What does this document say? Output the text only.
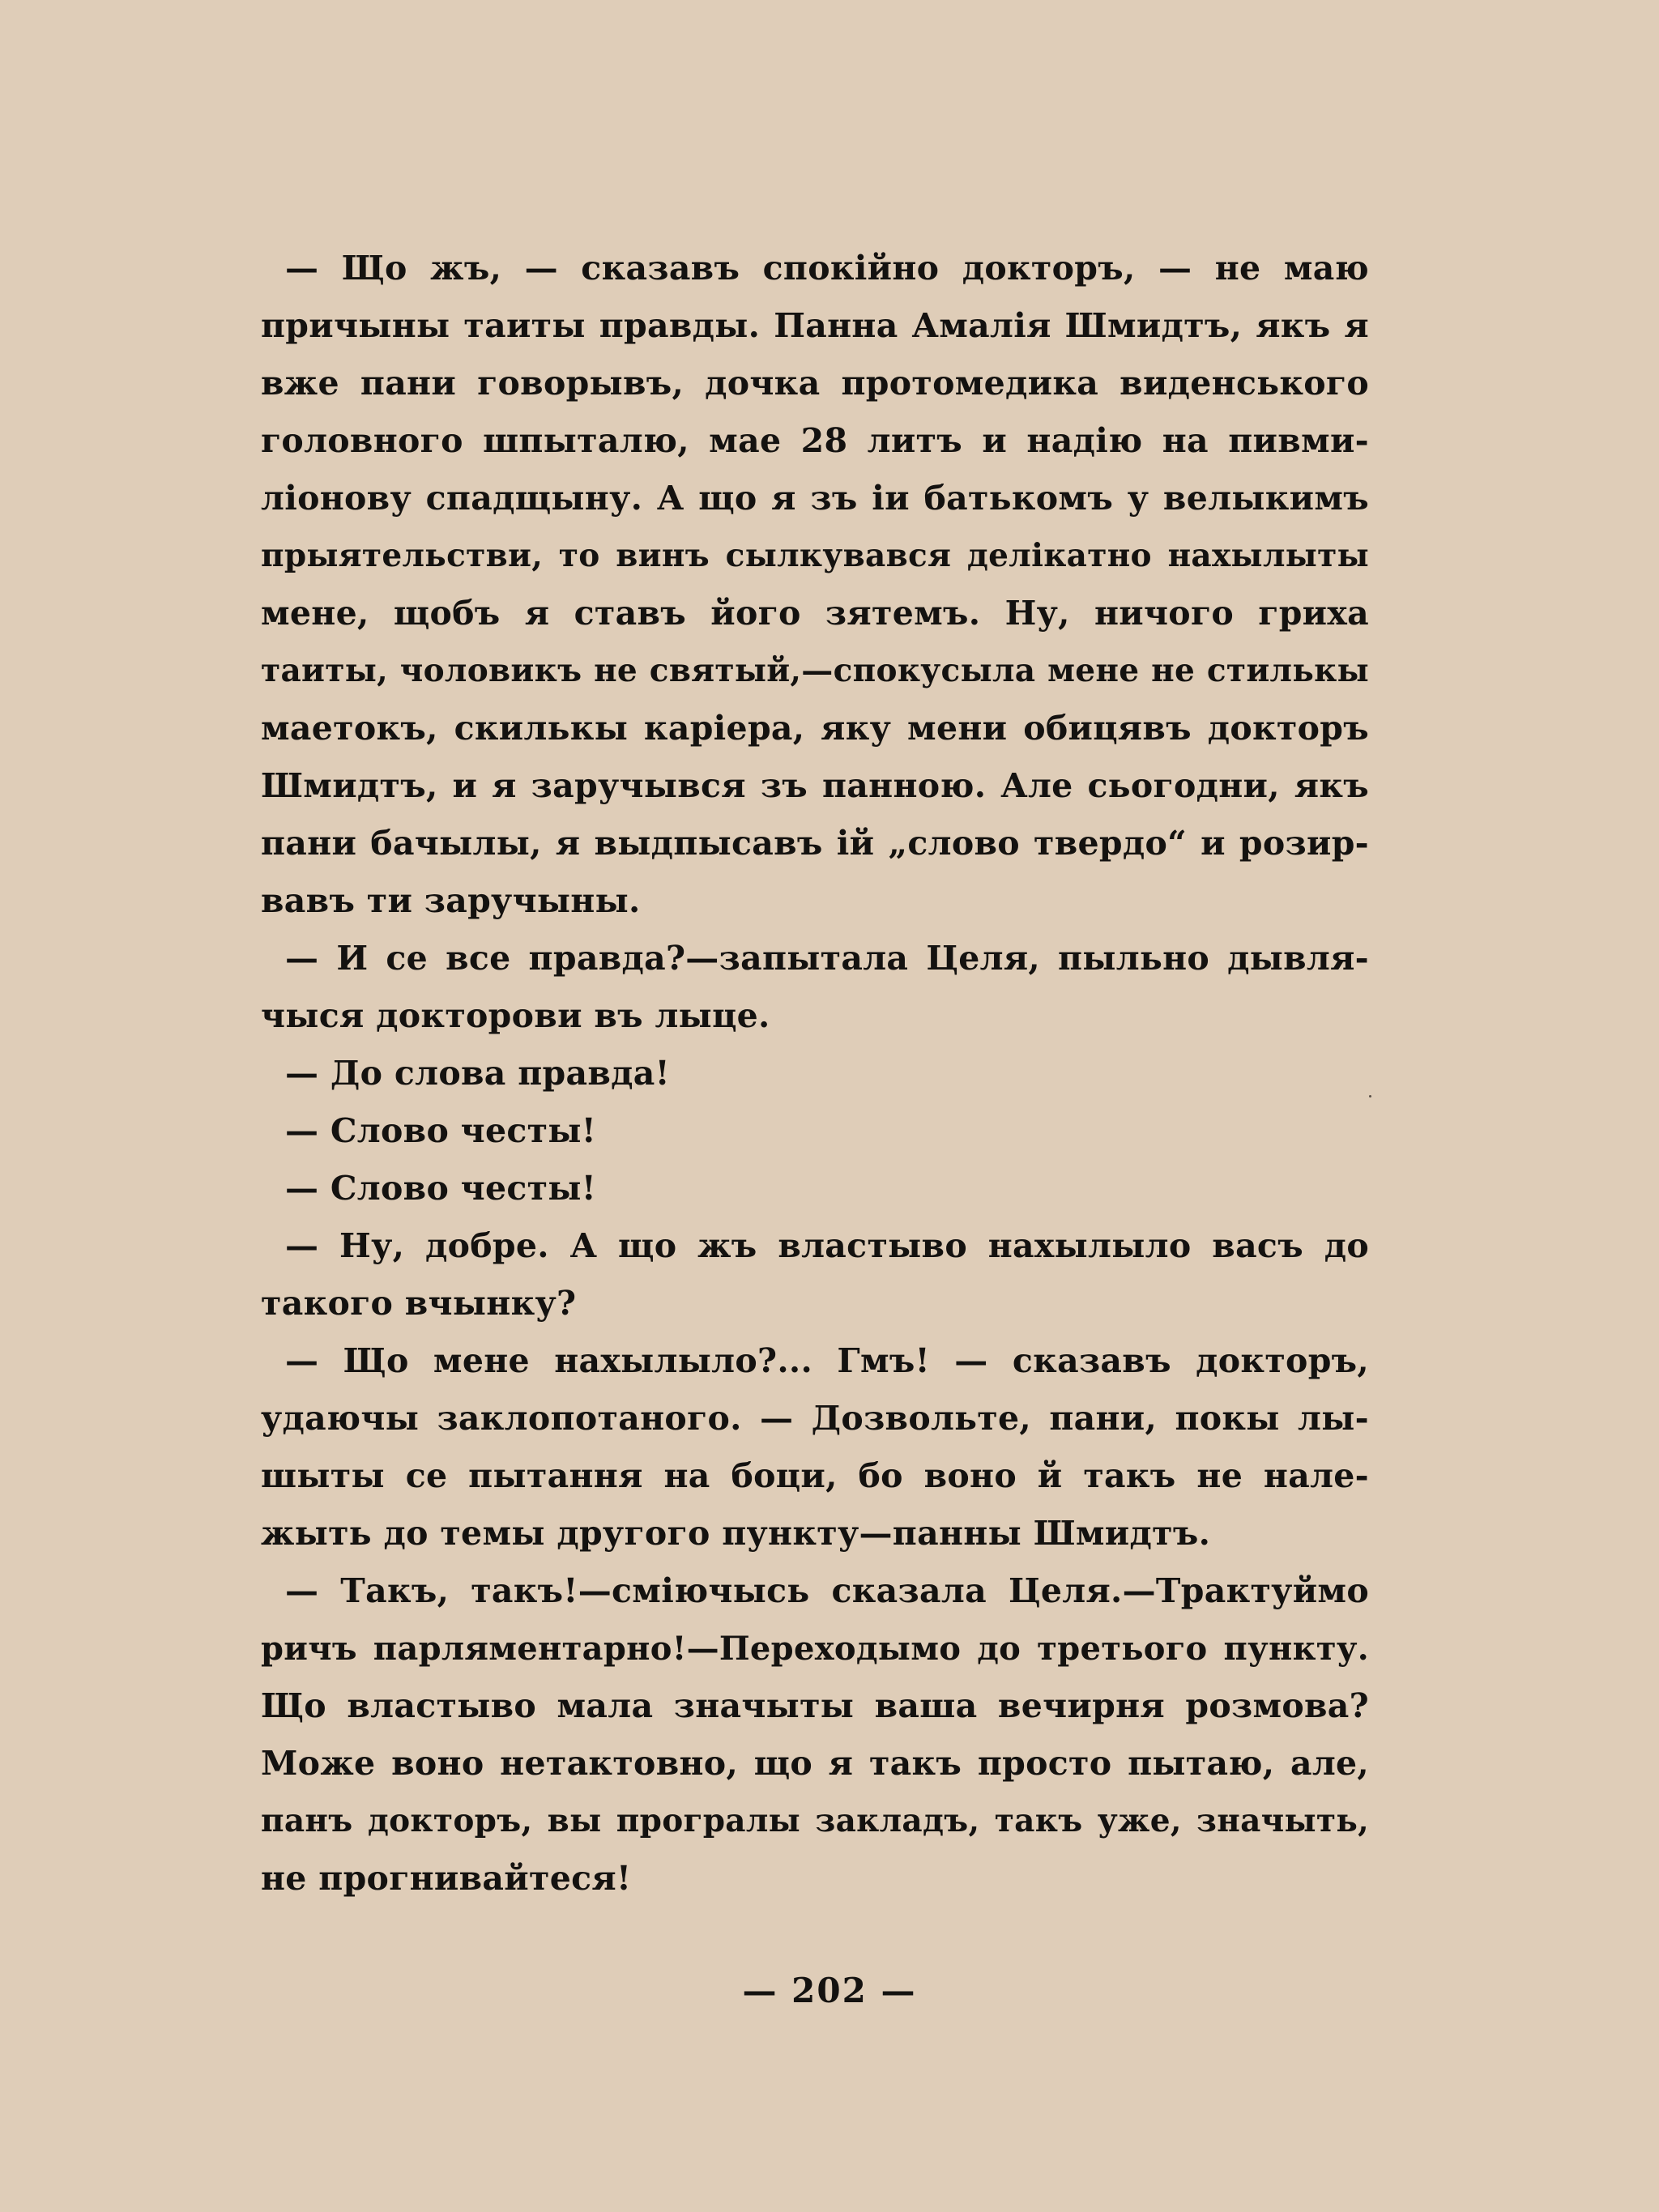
— Що жъ, — сказавъ спокійно докторъ, — не маю
причыны таиты правды. Панна Амалія Шмидтъ, якъ я
вже пани говорывъ, дочка протомедика виденського
головного шпыталю, мае 28 литъ и надію на пивми-
ліонову спадщыну. А що я зъ іи батькомъ у велыкимъ
прыятельстви, то винъ сылкувався делікатно нахылыты
мене, щобъ я ставъ його зятемъ. Ну, ничого гриха
таиты, чоловикъ не святый,—спокусыла мене не стилькы
маетокъ, скилькы каріера, яку мени обицявъ докторъ
Шмидтъ, и я заручывся зъ панною. Але сьогодни, якъ
пани бачылы, я выдпысавъ ій „слово твердо“ и розир-
вавъ ти заручыны.
— И се все правда?—запытала Целя, пыльно дывля-
чыся докторови въ лыце.
— До слова правда!
— Слово честы!
— Слово честы!
— Ну, добре. А що жъ властыво нахылыло васъ до
такого вчынку?
— Що мене нахылыло?... Гмъ! — сказавъ докторъ,
удаючы заклопотаного. — Дозвольте, пани, покы лы-
шыты се пытання на боци, бо воно й такъ не нале-
жыть до темы другого пункту—панны Шмидтъ.
— Такъ, такъ!—сміючысь сказала Целя.—Трактуймо
ричъ парляментарно!—Переходымо до третього пункту.
Що властыво мала значыты ваша вечирня розмова?
Може воно нетактовно, що я такъ просто пытаю, але,
панъ докторъ, вы програлы закладъ, такъ уже, значыть,
не прогнивайтеся!
— 202 —
